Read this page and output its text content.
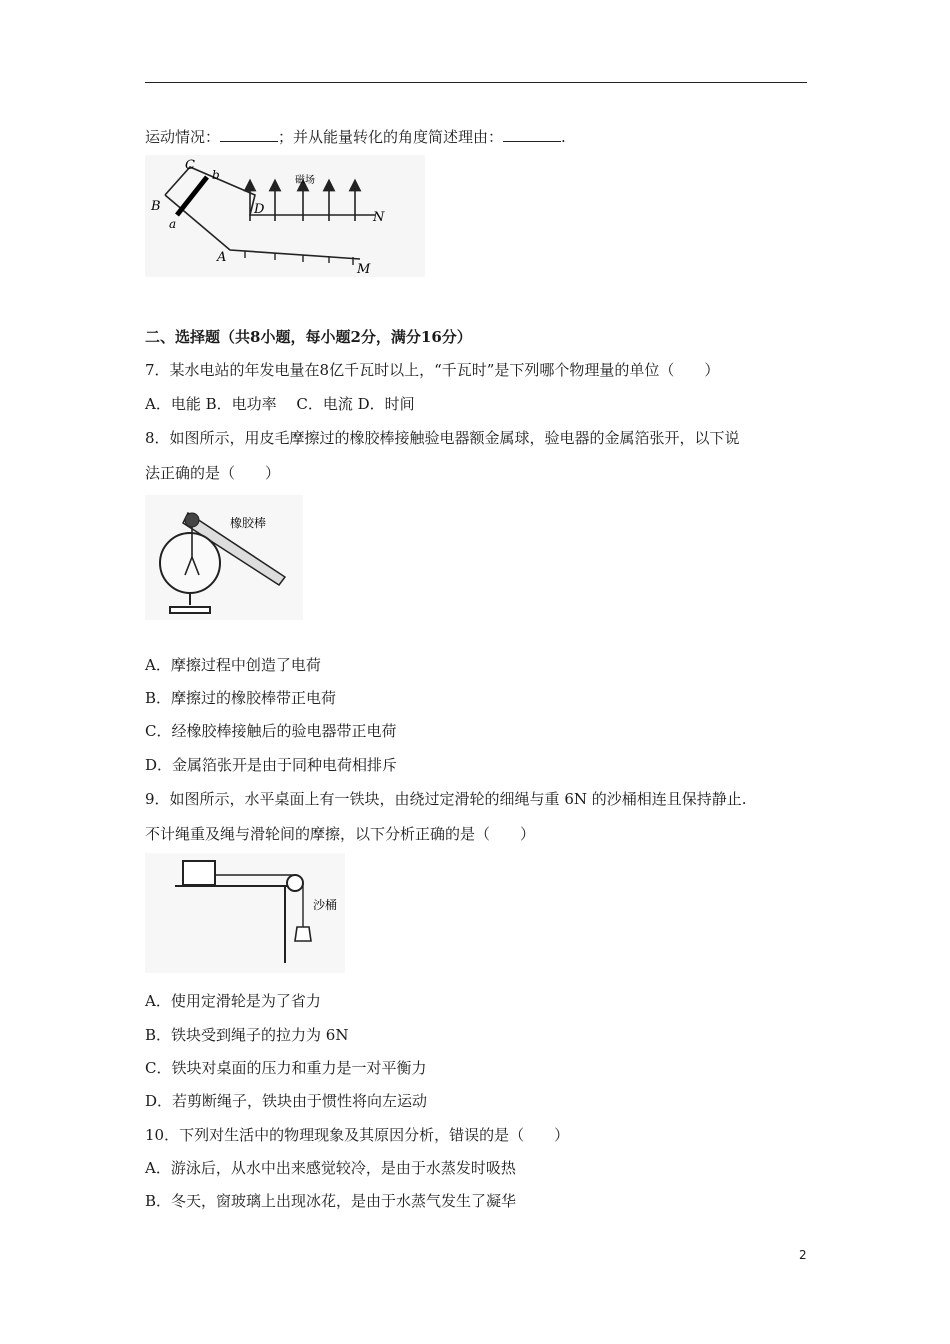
运动情况：	；并从能量转化的角度简述理由：	.
C
b
B
a
D
N
A
M
磁场
二、选择题（共8小题，每小题2分，满分16分）
7．某水电站的年发电量在8亿千瓦时以上，“千瓦时”是下列哪个物理量的单位（　　）
A．电能 B．电功率　 C．电流 D．时间
8．如图所示，用皮毛摩擦过的橡胶棒接触验电器额金属球，验电器的金属箔张开，以下说
法正确的是（　　）
橡胶棒
A．摩擦过程中创造了电荷
B．摩擦过的橡胶棒带正电荷
C．经橡胶棒接触后的验电器带正电荷
D．金属箔张开是由于同种电荷相排斥
9．如图所示，水平桌面上有一铁块，由绕过定滑轮的细绳与重 6N 的沙桶相连且保持静止.
不计绳重及绳与滑轮间的摩擦，以下分析正确的是（　　）
沙桶
A．使用定滑轮是为了省力
B．铁块受到绳子的拉力为 6N
C．铁块对桌面的压力和重力是一对平衡力
D．若剪断绳子，铁块由于惯性将向左运动
10．下列对生活中的物理现象及其原因分析，错误的是（　　）
A．游泳后，从水中出来感觉较冷，是由于水蒸发时吸热
B．冬天，窗玻璃上出现冰花，是由于水蒸气发生了凝华
2
